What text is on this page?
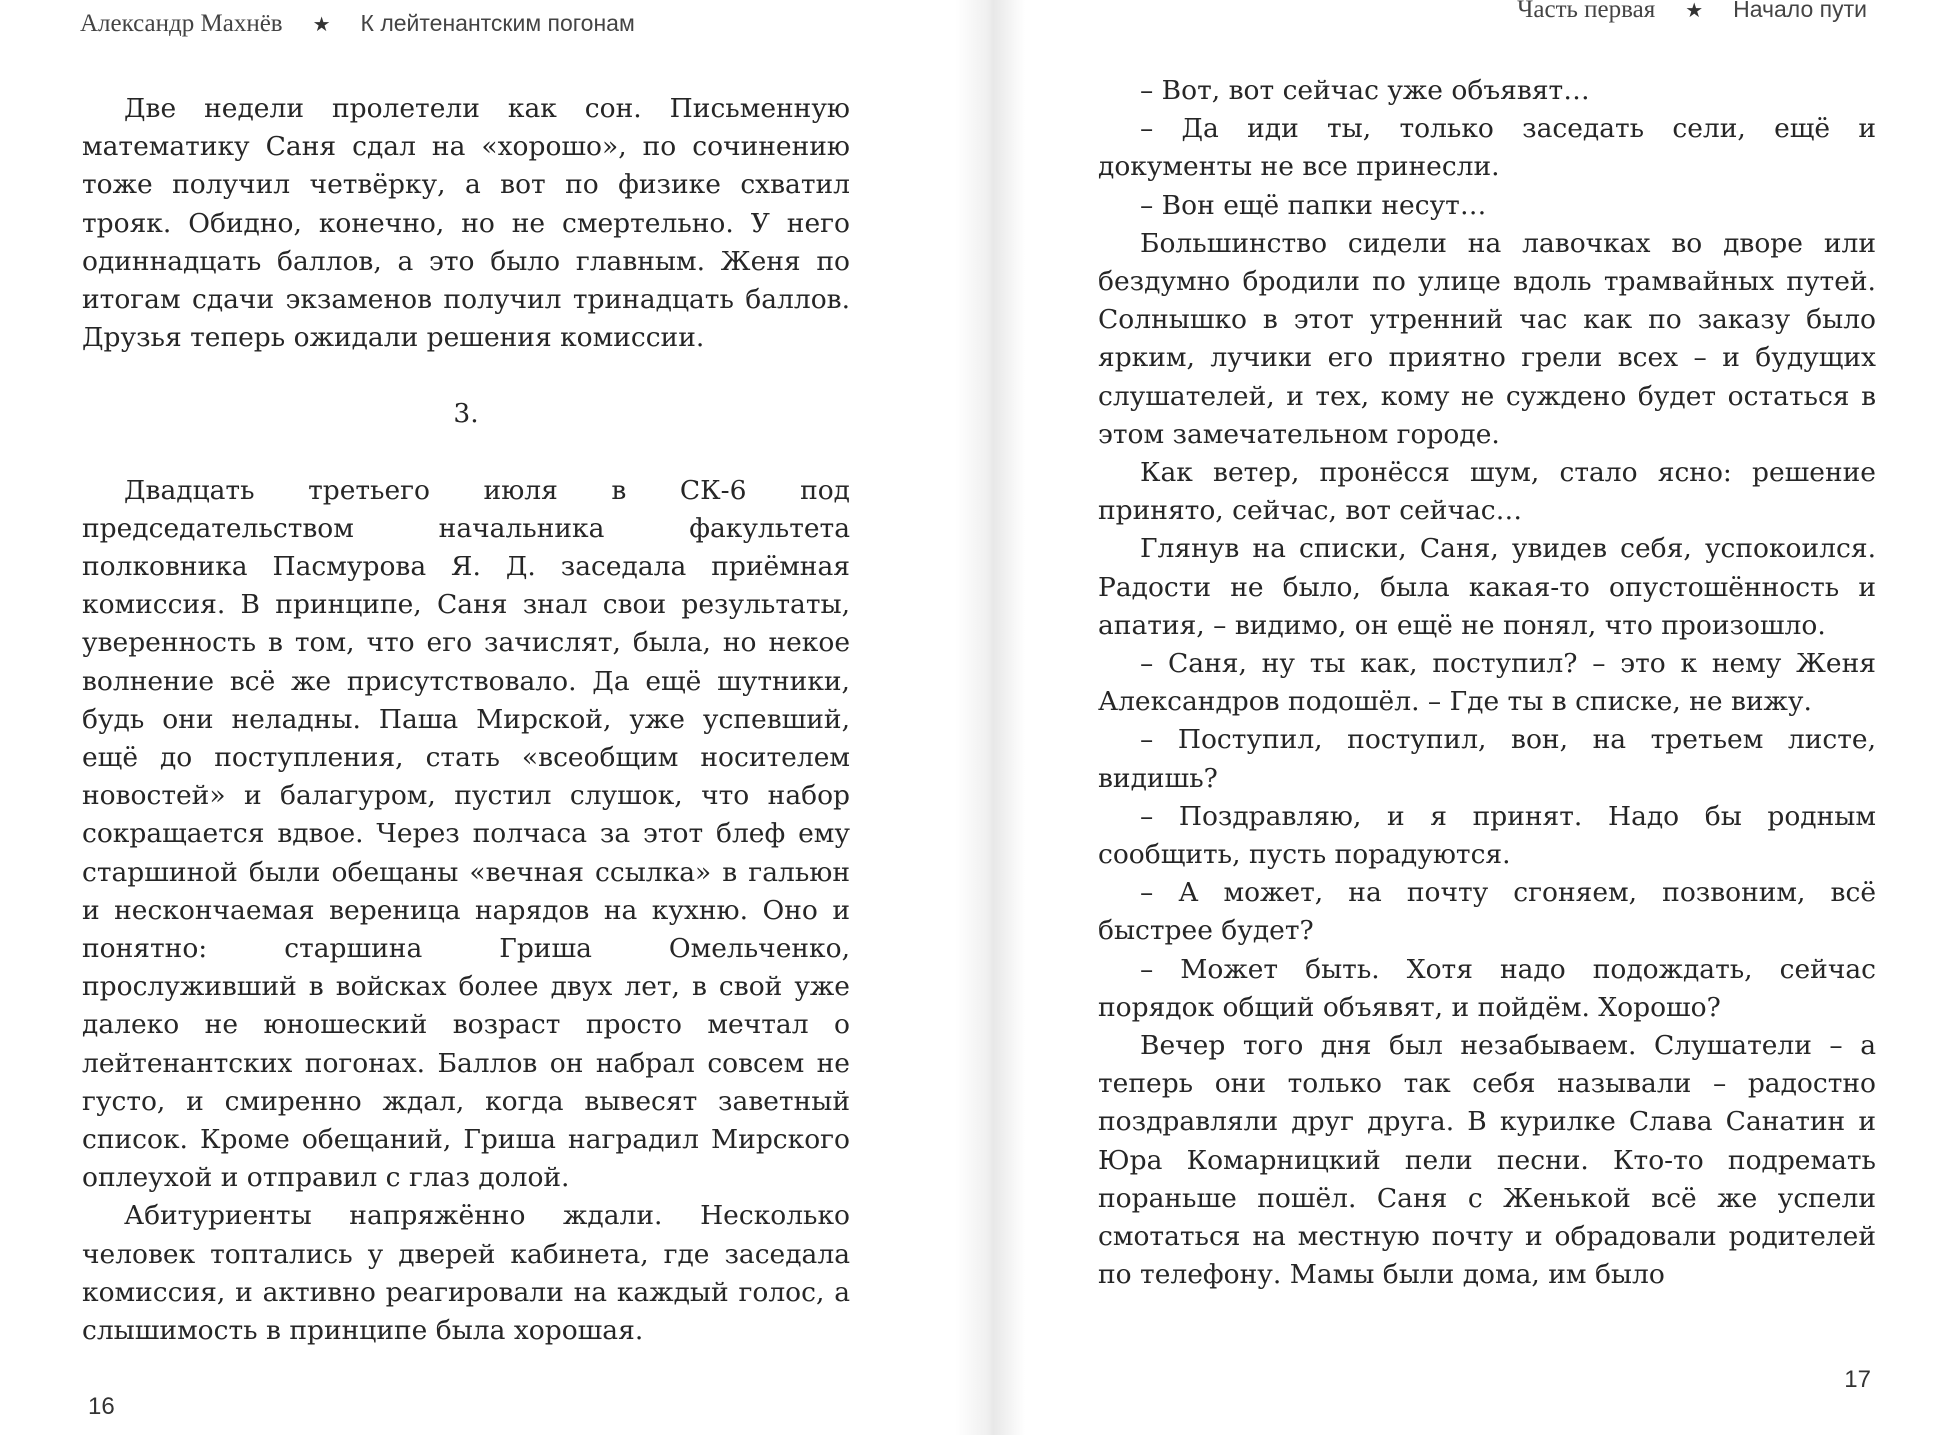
Александр Махнёв ★ К лейтенантским погонам

Две недели пролетели как сон. Письменную математику Саня сдал на «хорошо», по сочинению тоже получил четвёрку, а вот по физике схватил трояк. Обидно, конечно, но не смертельно. У него одиннадцать баллов, а это было главным. Женя по итогам сдачи экзаменов получил тринадцать баллов. Друзья теперь ожидали решения комиссии.

3.

Двадцать третьего июля в СК-6 под председательством начальника факультета полковника Пасмурова Я. Д. заседала приёмная комиссия. В принципе, Саня знал свои результаты, уверенность в том, что его зачислят, была, но некое волнение всё же присутствовало. Да ещё шутники, будь они неладны. Паша Мирской, уже успевший, ещё до поступления, стать «всеобщим носителем новостей» и балагуром, пустил слушок, что набор сокращается вдвое. Через полчаса за этот блеф ему старшиной были обещаны «вечная ссылка» в гальюн и нескончаемая вереница нарядов на кухню. Оно и понятно: старшина Гриша Омельченко, прослуживший в войсках более двух лет, в свой уже далеко не юношеский возраст просто мечтал о лейтенантских погонах. Баллов он набрал совсем не густо, и смиренно ждал, когда вывесят заветный список. Кроме обещаний, Гриша наградил Мирского оплеухой и отправил с глаз долой.

Абитуриенты напряжённо ждали. Несколько человек топтались у дверей кабинета, где заседала комиссия, и активно реагировали на каждый голос, а слышимость в принципе была хорошая.

16
Часть первая ★ Начало пути

– Вот, вот сейчас уже объявят…

– Да иди ты, только заседать сели, ещё и документы не все принесли.

– Вон ещё папки несут…

Большинство сидели на лавочках во дворе или бездумно бродили по улице вдоль трамвайных путей. Солнышко в этот утренний час как по заказу было ярким, лучики его приятно грели всех – и будущих слушателей, и тех, кому не суждено будет остаться в этом замечательном городе.

Как ветер, пронёсся шум, стало ясно: решение принято, сейчас, вот сейчас…

Глянув на списки, Саня, увидев себя, успокоился. Радости не было, была какая-то опустошённость и апатия, – видимо, он ещё не понял, что произошло.

– Саня, ну ты как, поступил? – это к нему Женя Александров подошёл. – Где ты в списке, не вижу.

– Поступил, поступил, вон, на третьем листе, видишь?

– Поздравляю, и я принят. Надо бы родным сообщить, пусть порадуются.

– А может, на почту сгоняем, позвоним, всё быстрее будет?

– Может быть. Хотя надо подождать, сейчас порядок общий объявят, и пойдём. Хорошо?

Вечер того дня был незабываем. Слушатели – а теперь они только так себя называли – радостно поздравляли друг друга. В курилке Слава Санатин и Юра Комарницкий пели песни. Кто-то подремать пораньше пошёл. Саня с Женькой всё же успели смотаться на местную почту и обрадовали родителей по телефону. Мамы были дома, им было

17
